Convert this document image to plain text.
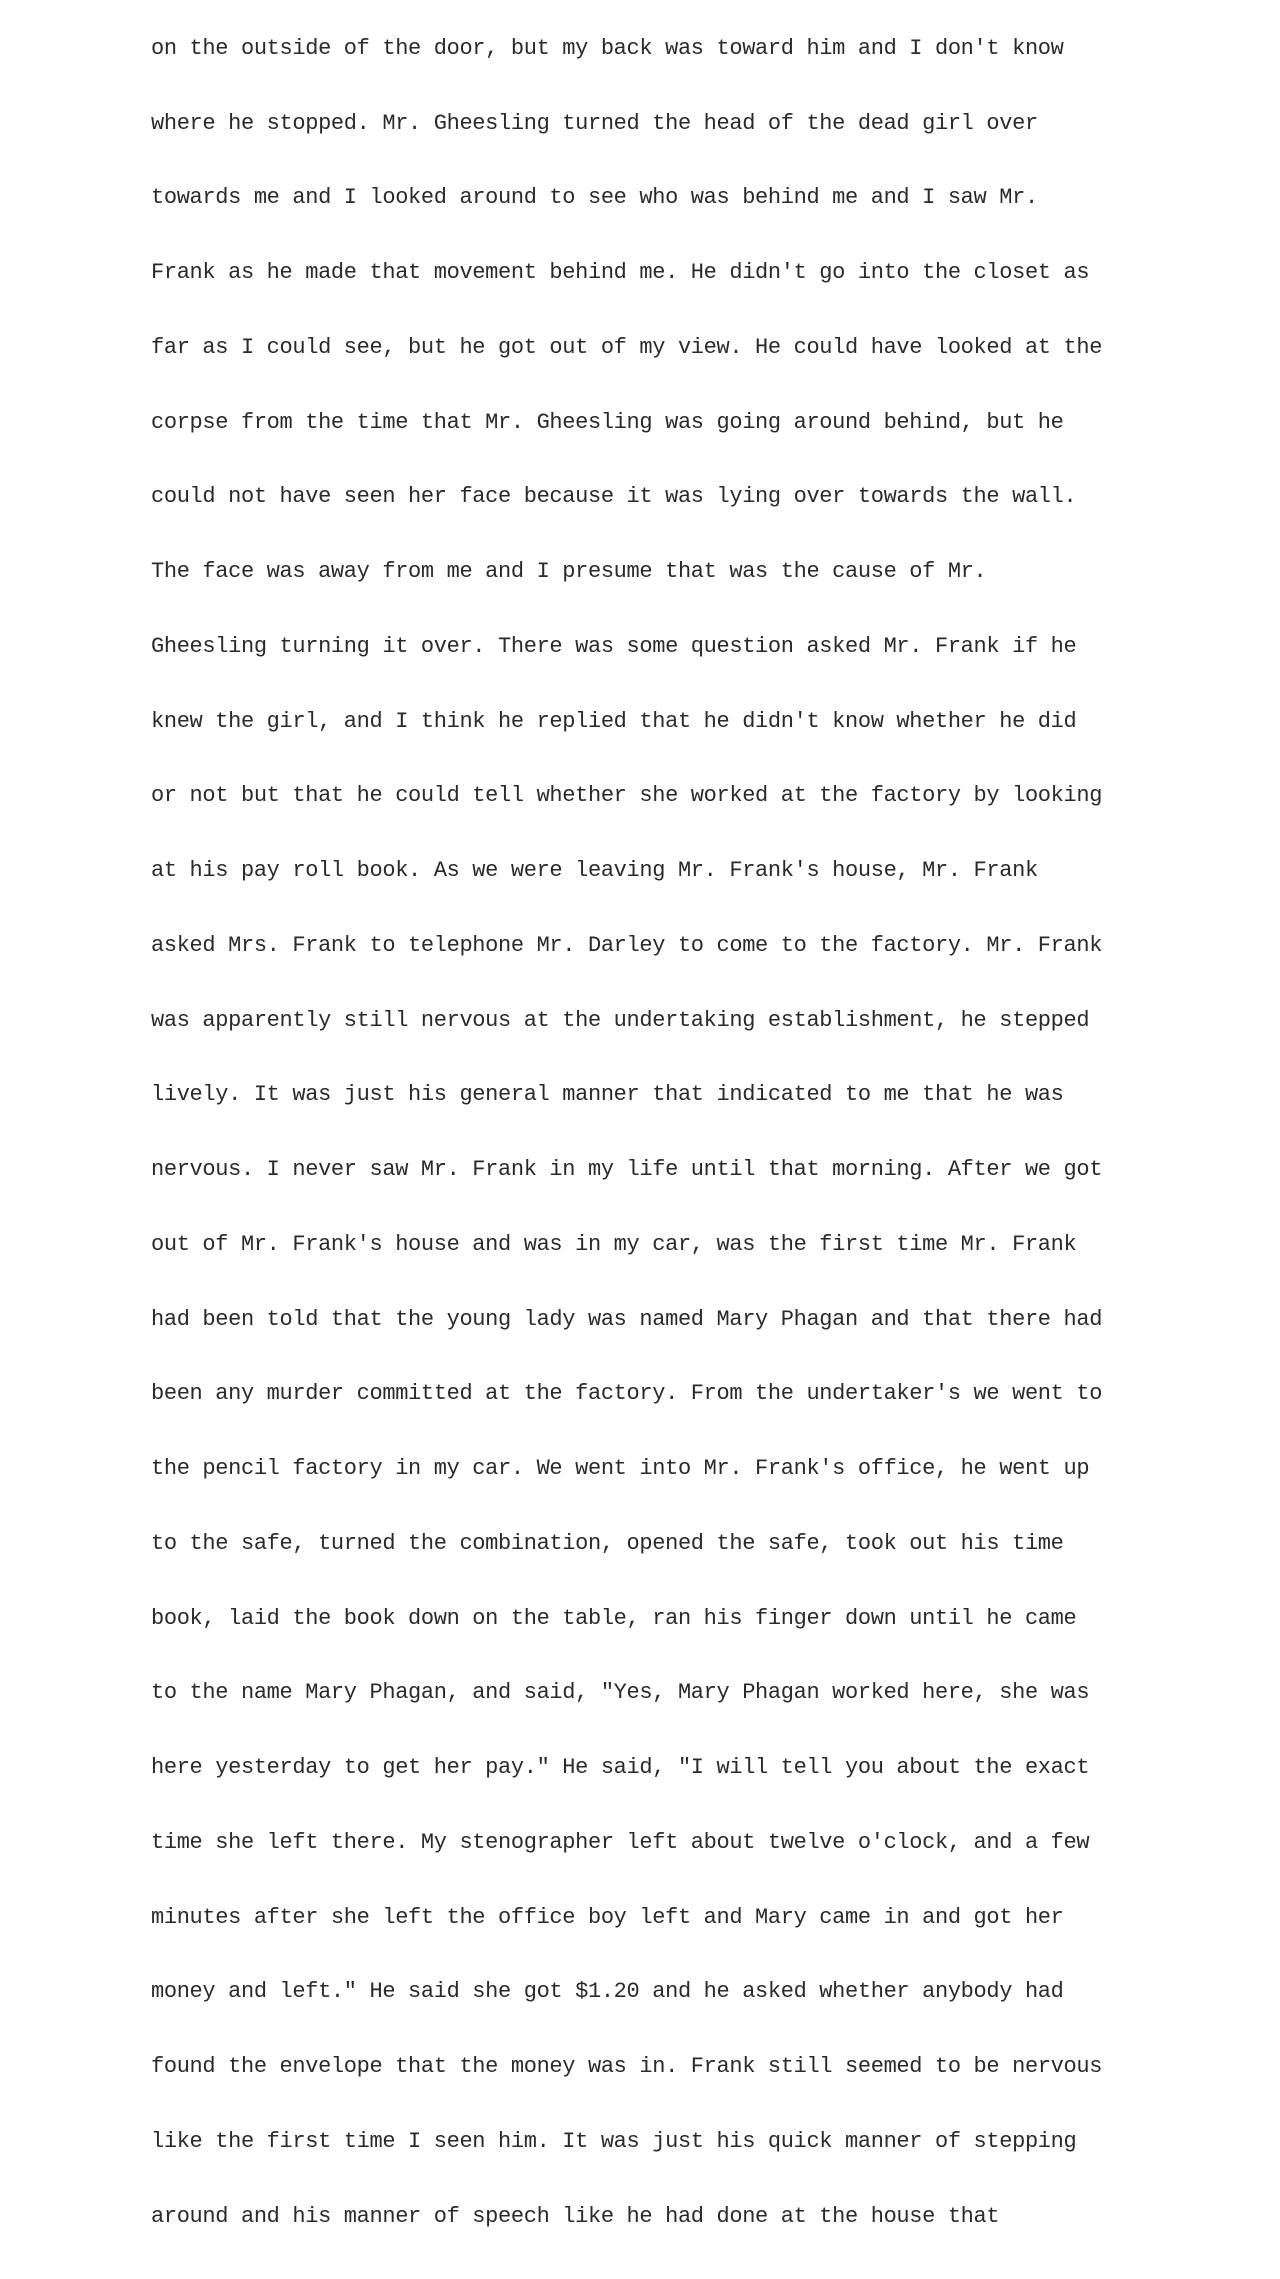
on the outside of the door, but my back was toward him and I don't know

where he stopped. Mr. Gheesling turned the head of the dead girl over

towards me and I looked around to see who was behind me and I saw Mr.

Frank as he made that movement behind me. He didn't go into the closet as

far as I could see, but he got out of my view. He could have looked at the

corpse from the time that Mr. Gheesling was going around behind, but he

could not have seen her face because it was lying over towards the wall.

The face was away from me and I presume that was the cause of Mr.

Gheesling turning it over. There was some question asked Mr. Frank if he

knew the girl, and I think he replied that he didn't know whether he did

or not but that he could tell whether she worked at the factory by looking

at his pay roll book. As we were leaving Mr. Frank's house, Mr. Frank

asked Mrs. Frank to telephone Mr. Darley to come to the factory. Mr. Frank

was apparently still nervous at the undertaking establishment, he stepped

lively. It was just his general manner that indicated to me that he was

nervous. I never saw Mr. Frank in my life until that morning. After we got

out of Mr. Frank's house and was in my car, was the first time Mr. Frank

had been told that the young lady was named Mary Phagan and that there had

been any murder committed at the factory. From the undertaker's we went to

the pencil factory in my car. We went into Mr. Frank's office, he went up

to the safe, turned the combination, opened the safe, took out his time

book, laid the book down on the table, ran his finger down until he came

to the name Mary Phagan, and said, "Yes, Mary Phagan worked here, she was

here yesterday to get her pay." He said, "I will tell you about the exact

time she left there. My stenographer left about twelve o'clock, and a few

minutes after she left the office boy left and Mary came in and got her

money and left." He said she got $1.20 and he asked whether anybody had

found the envelope that the money was in. Frank still seemed to be nervous

like the first time I seen him. It was just his quick manner of stepping

around and his manner of speech like he had done at the house that
